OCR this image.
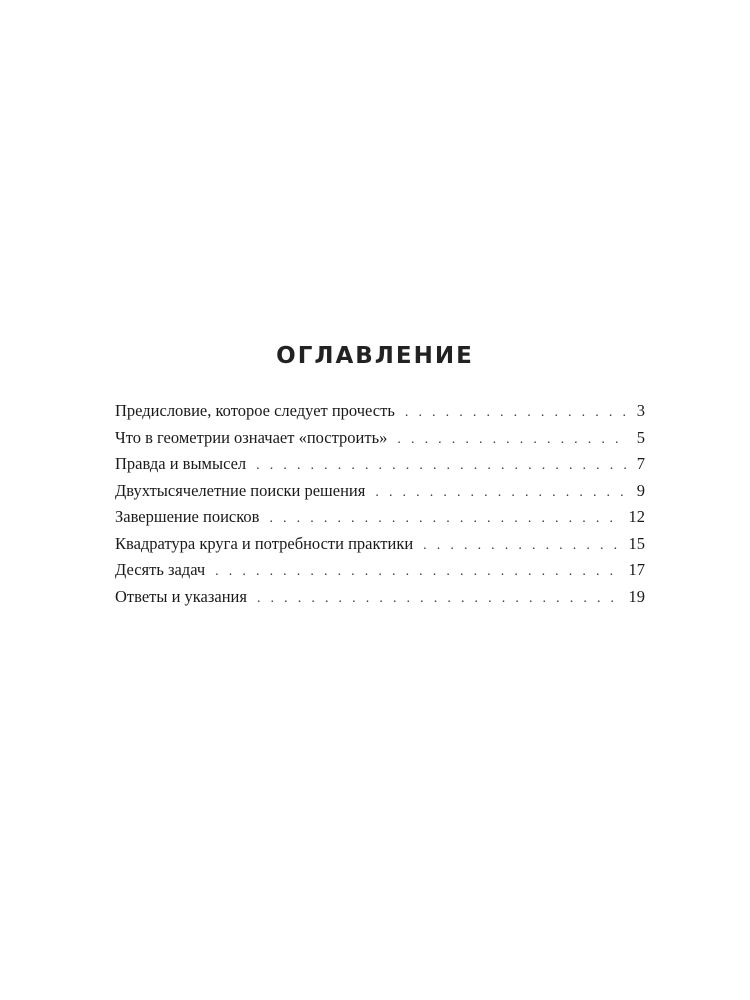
ОГЛАВЛЕНИЕ
Предисловие, которое следует прочесть . . .	3
Что в геометрии означает «построить» . . .	5
Правда и вымысел . . .	7
Двухтысячелетние поиски решения . . .	9
Завершение поисков . . .	12
Квадратура круга и потребности практики . . .	15
Десять задач . . .	17
Ответы и указания . . .	19
